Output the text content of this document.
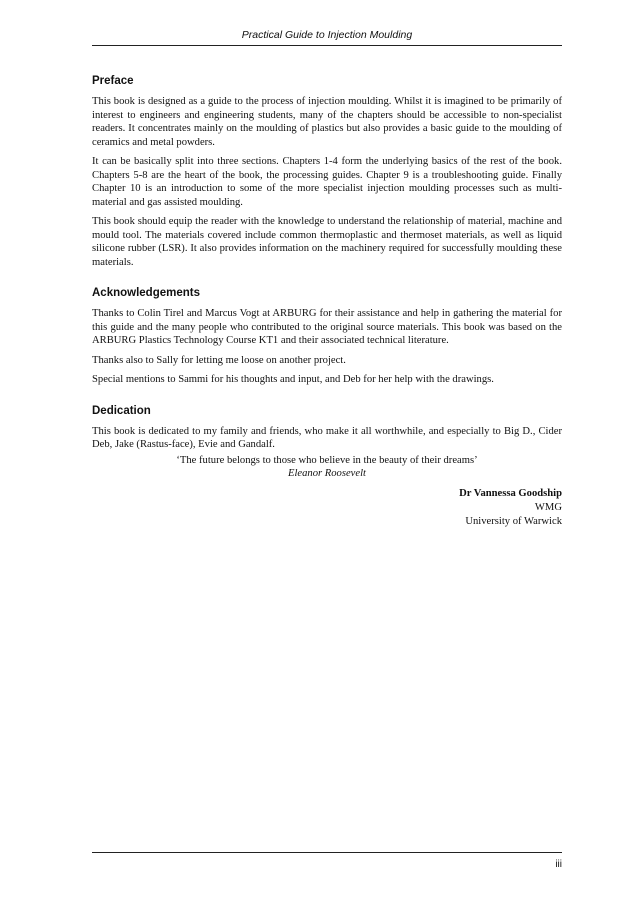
Practical Guide to Injection Moulding
Preface

This book is designed as a guide to the process of injection moulding. Whilst it is imagined to be primarily of interest to engineers and engineering students, many of the chapters should be accessible to non-specialist readers. It concentrates mainly on the moulding of plastics but also provides a basic guide to the moulding of ceramics and metal powders.

It can be basically split into three sections. Chapters 1-4 form the underlying basics of the rest of the book. Chapters 5-8 are the heart of the book, the processing guides. Chapter 9 is a troubleshooting guide. Finally Chapter 10 is an introduction to some of the more specialist injection moulding processes such as multi-material and gas assisted moulding.

This book should equip the reader with the knowledge to understand the relationship of material, machine and mould tool. The materials covered include common thermoplastic and thermoset materials, as well as liquid silicone rubber (LSR). It also provides information on the machinery required for successfully moulding these materials.

Acknowledgements

Thanks to Colin Tirel and Marcus Vogt at ARBURG for their assistance and help in gathering the material for this guide and the many people who contributed to the original source materials. This book was based on the ARBURG Plastics Technology Course KT1 and their associated technical literature.

Thanks also to Sally for letting me loose on another project.

Special mentions to Sammi for his thoughts and input, and Deb for her help with the drawings.

Dedication

This book is dedicated to my family and friends, who make it all worthwhile, and especially to Big D., Cider Deb, Jake (Rastus-face), Evie and Gandalf.

‘The future belongs to those who believe in the beauty of their dreams’

Eleanor Roosevelt

Dr Vannessa Goodship
WMG
University of Warwick
iii
